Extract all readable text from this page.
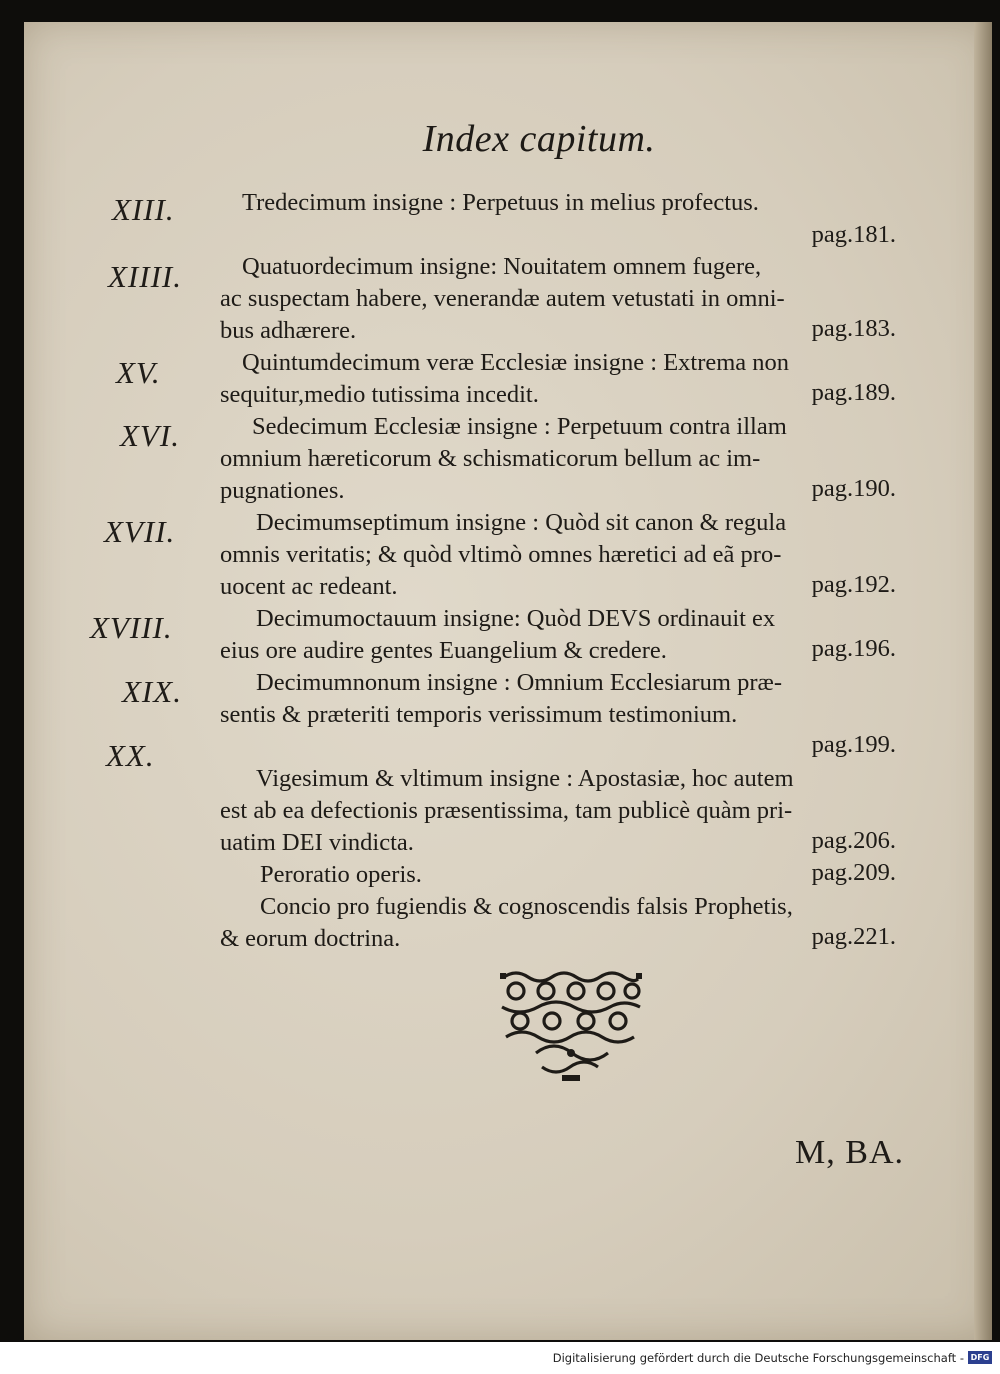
Index capitum.
XIII.	Tredecimum insigne : Perpetuus in melius profectus.
pag.181.
XIIII. Quatuordecimum insigne: Nouitatem omnem fugere,
ac suspectam habere, venerandæ autem vetustati in omni-
bus adhærere.	pag.183.
XV.	Quintumdecimum veræ Ecclesiæ insigne : Extrema non
sequitur,medio tutissima incedit.	pag.189.
XVI.	Sedecimum Ecclesiæ insigne : Perpetuum contra illam
omnium hæreticorum & schismaticorum bellum ac im-
pugnationes.	pag.190.
XVII.	Decimumseptimum insigne : Quòd sit canon & regula
omnis veritatis; & quòd vltimò omnes hæretici ad eã pro-
uocent ac redeant.	pag.192.
XVIII.	Decimumoctauum insigne: Quòd DEVS ordinauit ex
eius ore audire gentes Euangelium & credere.	pag.196.
XIX.	Decimumnonum insigne : Omnium Ecclesiarum præ-
sentis & præteriti temporis verissimum testimonium.
pag.199.
XX.
Vigesimum & vltimum insigne : Apostasiæ, hoc autem
est ab ea defectionis præsentissima, tam publicè quàm pri-
uatim DEI vindicta.	pag.206.
Peroratio operis.	pag.209.
Concio pro fugiendis & cognoscendis falsis Prophetis,
& eorum doctrina.	pag.221.
M, BA.
Digitalisierung gefördert durch die Deutsche Forschungsgemeinschaft - DFG
